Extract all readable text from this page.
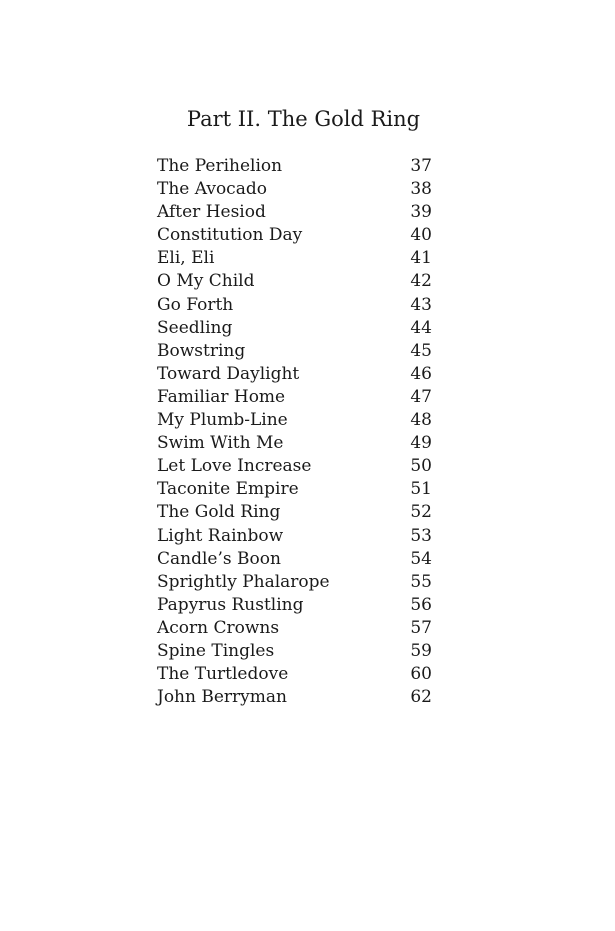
Part II. The Gold Ring
The Perihelion	37
The Avocado	38
After Hesiod	39
Constitution Day	40
Eli, Eli	41
O My Child	42
Go Forth	43
Seedling	44
Bowstring	45
Toward Daylight	46
Familiar Home	47
My Plumb-Line	48
Swim With Me	49
Let Love Increase	50
Taconite Empire	51
The Gold Ring	52
Light Rainbow	53
Candle’s Boon	54
Sprightly Phalarope	55
Papyrus Rustling	56
Acorn Crowns	57
Spine Tingles	59
The Turtledove	60
John Berryman	62
